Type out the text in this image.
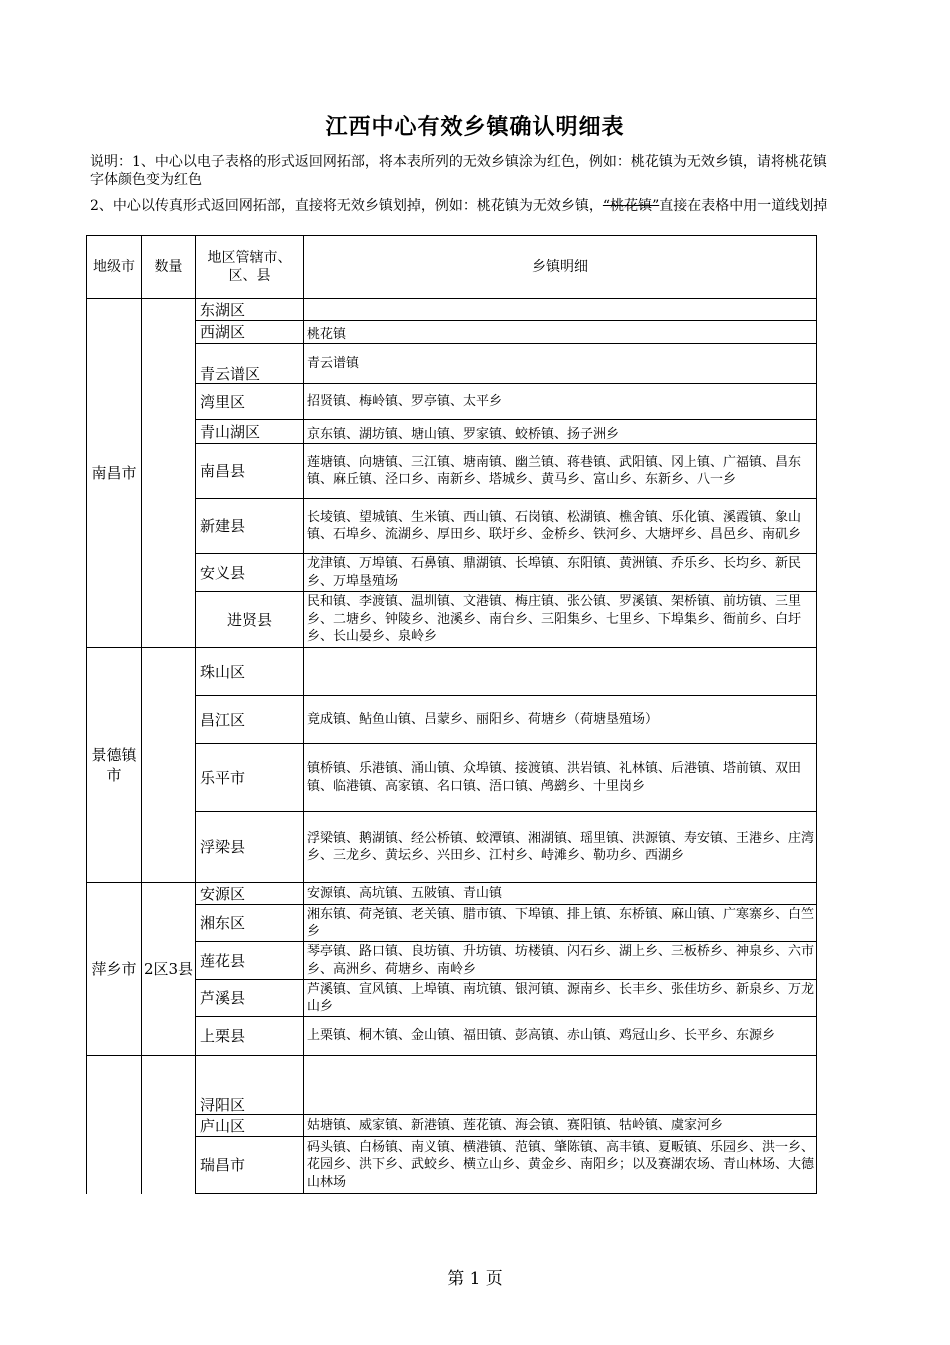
江西中心有效乡镇确认明细表
说明：1、中心以电子表格的形式返回网拓部，将本表所列的无效乡镇涂为红色，例如：桃花镇为无效乡镇，请将桃花镇字体颜色变为红色
2、中心以传真形式返回网拓部，直接将无效乡镇划掉，例如：桃花镇为无效乡镇，“桃花镇”直接在表格中用一道线划掉
地级市	数量	地区管辖市、区、县	乡镇明细
南昌市		东湖区	
		西湖区	桃花镇
		青云谱区	青云谱镇
		湾里区	招贤镇、梅岭镇、罗亭镇、太平乡
		青山湖区	京东镇、湖坊镇、塘山镇、罗家镇、蛟桥镇、扬子洲乡
		南昌县	莲塘镇、向塘镇、三江镇、塘南镇、幽兰镇、蒋巷镇、武阳镇、冈上镇、广福镇、昌东镇、麻丘镇、泾口乡、南新乡、塔城乡、黄马乡、富山乡、东新乡、八一乡
		新建县	长堎镇、望城镇、生米镇、西山镇、石岗镇、松湖镇、樵舍镇、乐化镇、溪霞镇、象山镇、石埠乡、流湖乡、厚田乡、联圩乡、金桥乡、铁河乡、大塘坪乡、昌邑乡、南矶乡
		安义县	龙津镇、万埠镇、石鼻镇、鼎湖镇、长埠镇、东阳镇、黄洲镇、乔乐乡、长均乡、新民乡、万埠垦殖场
		进贤县	民和镇、李渡镇、温圳镇、文港镇、梅庄镇、张公镇、罗溪镇、架桥镇、前坊镇、三里乡、二塘乡、钟陵乡、池溪乡、南台乡、三阳集乡、七里乡、下埠集乡、衙前乡、白圩乡、长山晏乡、泉岭乡
景德镇市		珠山区	
		昌江区	竟成镇、鲇鱼山镇、吕蒙乡、丽阳乡、荷塘乡（荷塘垦殖场）
		乐平市	镇桥镇、乐港镇、涌山镇、众埠镇、接渡镇、洪岩镇、礼林镇、后港镇、塔前镇、双田镇、临港镇、高家镇、名口镇、浯口镇、鸬鹚乡、十里岗乡
		浮梁县	浮梁镇、鹅湖镇、经公桥镇、蛟潭镇、湘湖镇、瑶里镇、洪源镇、寿安镇、王港乡、庄湾乡、三龙乡、黄坛乡、兴田乡、江村乡、峙滩乡、勒功乡、西湖乡
萍乡市	2区3县	安源区	安源镇、高坑镇、五陂镇、青山镇
		湘东区	湘东镇、荷尧镇、老关镇、腊市镇、下埠镇、排上镇、东桥镇、麻山镇、广寒寨乡、白竺乡
		莲花县	琴亭镇、路口镇、良坊镇、升坊镇、坊楼镇、闪石乡、湖上乡、三板桥乡、神泉乡、六市乡、高洲乡、荷塘乡、南岭乡
		芦溪县	芦溪镇、宣风镇、上埠镇、南坑镇、银河镇、源南乡、长丰乡、张佳坊乡、新泉乡、万龙山乡
		上栗县	上栗镇、桐木镇、金山镇、福田镇、彭高镇、赤山镇、鸡冠山乡、长平乡、东源乡
		浔阳区	
		庐山区	姑塘镇、威家镇、新港镇、莲花镇、海会镇、赛阳镇、牯岭镇、虞家河乡
		瑞昌市	码头镇、白杨镇、南义镇、横港镇、范镇、肇陈镇、高丰镇、夏畈镇、乐园乡、洪一乡、花园乡、洪下乡、武蛟乡、横立山乡、黄金乡、南阳乡；以及赛湖农场、青山林场、大德山林场
第 1 页
